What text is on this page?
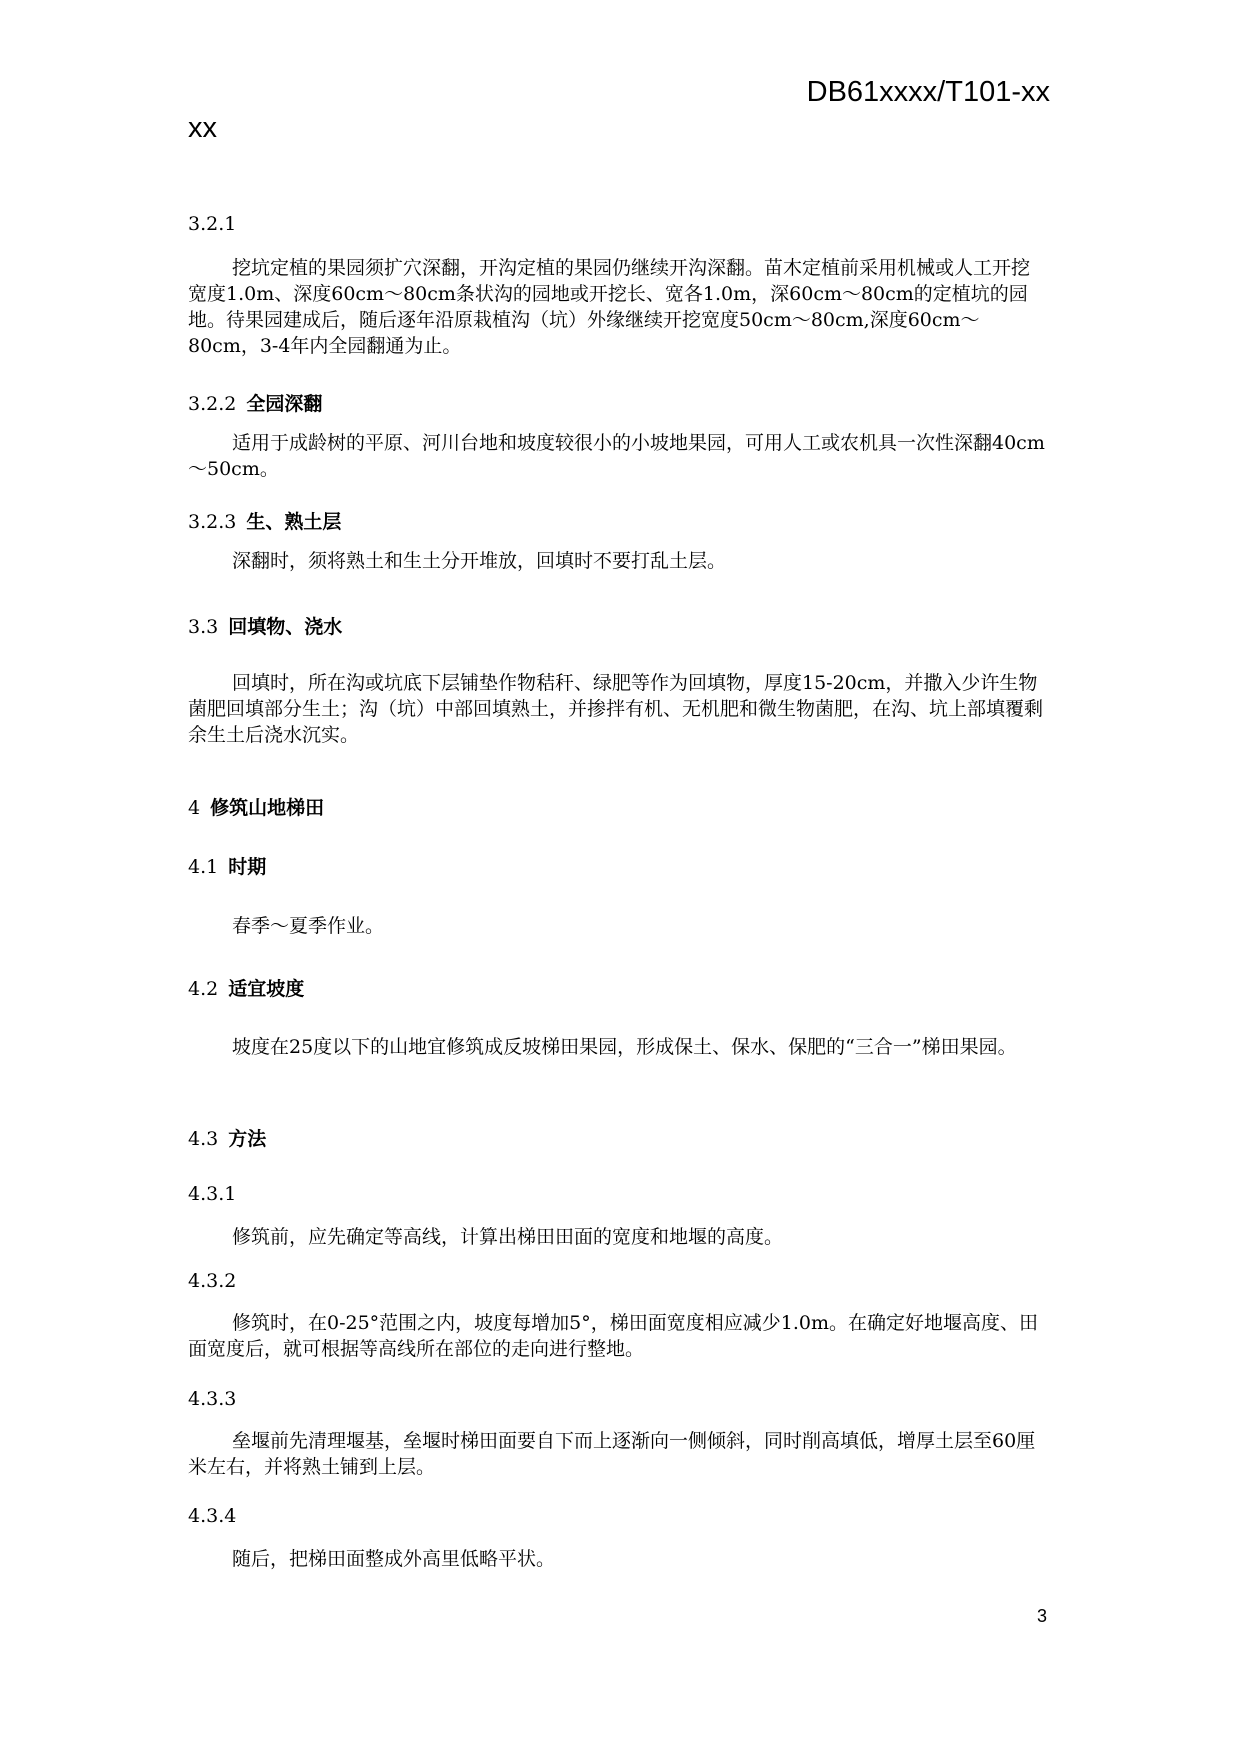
DB61xxxx/T101-xx
xx
3.2.1

挖坑定植的果园须扩穴深翻，开沟定植的果园仍继续开沟深翻。苗木定植前采用机械或人工开挖宽度1.0m、深度60cm～80cm条状沟的园地或开挖长、宽各1.0m，深60cm～80cm的定植坑的园地。待果园建成后，随后逐年沿原栽植沟（坑）外缘继续开挖宽度50cm～80cm,深度60cm～80cm，3-4年内全园翻通为止。

3.2.2 全园深翻

适用于成龄树的平原、河川台地和坡度较很小的小坡地果园，可用人工或农机具一次性深翻40cm～50cm。

3.2.3 生、熟土层

深翻时，须将熟土和生土分开堆放，回填时不要打乱土层。

3.3 回填物、浇水

回填时，所在沟或坑底下层铺垫作物秸秆、绿肥等作为回填物，厚度15-20cm，并撒入少许生物菌肥回填部分生土；沟（坑）中部回填熟土，并掺拌有机、无机肥和微生物菌肥，在沟、坑上部填覆剩余生土后浇水沉实。

4 修筑山地梯田
4.1 时期

春季～夏季作业。

4.2 适宜坡度

坡度在25度以下的山地宜修筑成反坡梯田果园，形成保土、保水、保肥的“三合一”梯田果园。

4.3 方法
4.3.1

修筑前，应先确定等高线，计算出梯田田面的宽度和地堰的高度。

4.3.2

修筑时，在0-25°范围之内，坡度每增加5°，梯田面宽度相应减少1.0m。在确定好地堰高度、田面宽度后，就可根据等高线所在部位的走向进行整地。

4.3.3

垒堰前先清理堰基，垒堰时梯田面要自下而上逐渐向一侧倾斜，同时削高填低，增厚土层至60厘米左右，并将熟土铺到上层。

4.3.4

随后，把梯田面整成外高里低略平状。

3
